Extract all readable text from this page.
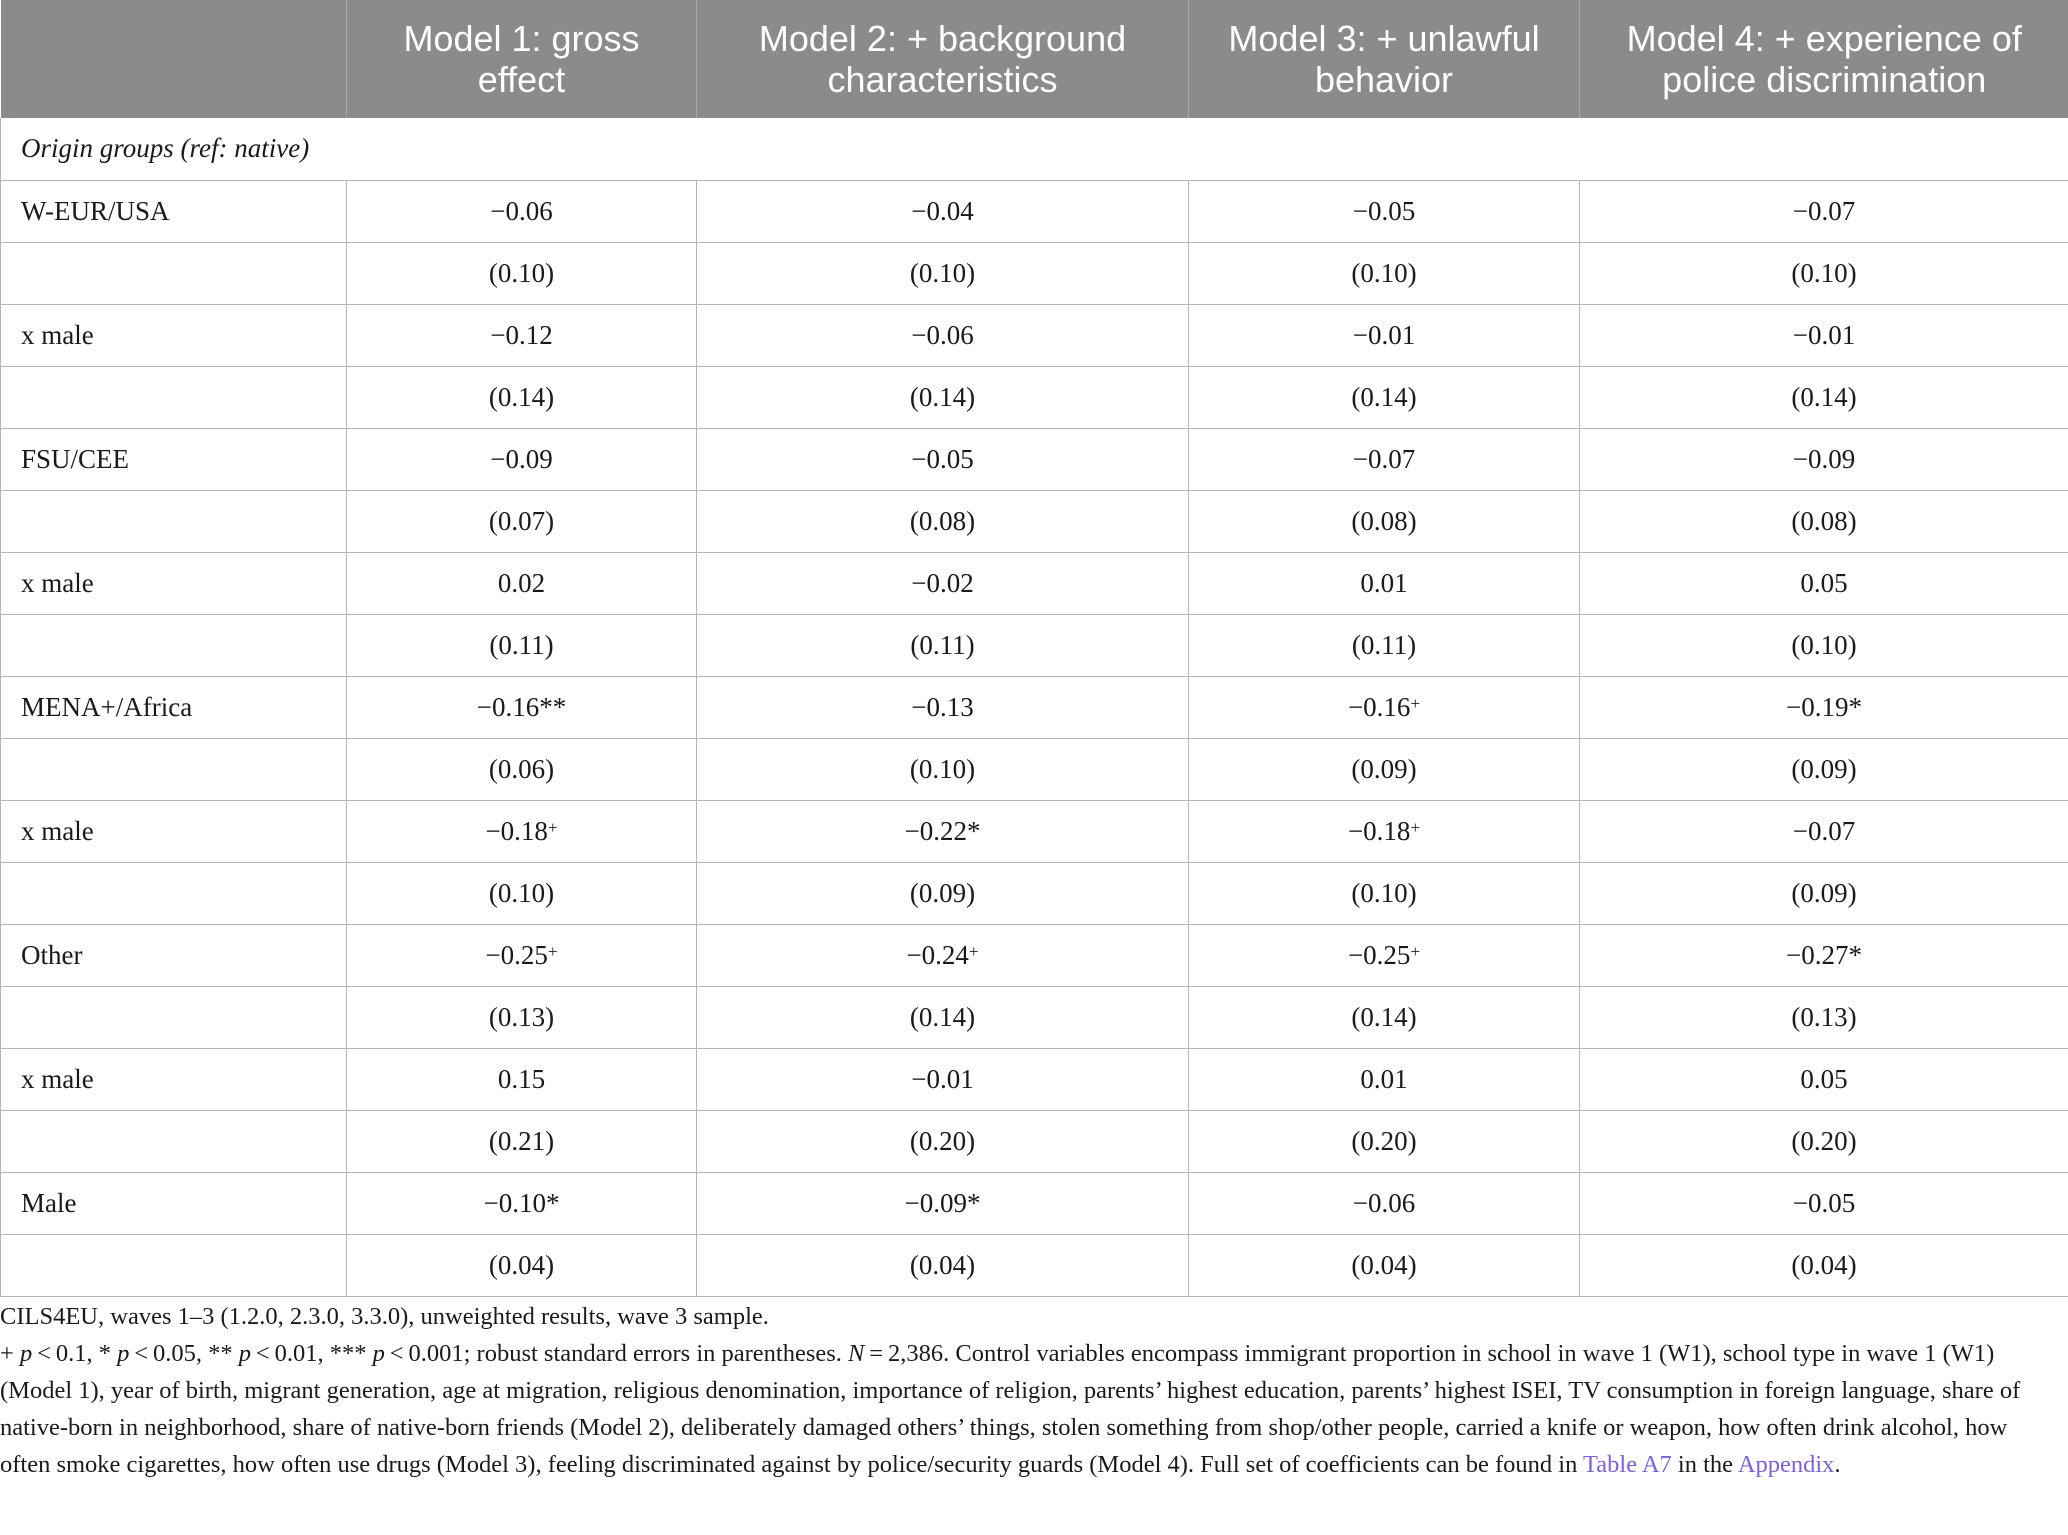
	Model 1: gross effect	Model 2: + background characteristics	Model 3: + unlawful behavior	Model 4: + experience of police discrimination
Origin groups (ref: native)				
W-EUR/USA	−0.06	−0.04	−0.05	−0.07
	(0.10)	(0.10)	(0.10)	(0.10)
x male	−0.12	−0.06	−0.01	−0.01
	(0.14)	(0.14)	(0.14)	(0.14)
FSU/CEE	−0.09	−0.05	−0.07	−0.09
	(0.07)	(0.08)	(0.08)	(0.08)
x male	0.02	−0.02	0.01	0.05
	(0.11)	(0.11)	(0.11)	(0.10)
MENA+/Africa	−0.16**	−0.13	−0.16+	−0.19*
	(0.06)	(0.10)	(0.09)	(0.09)
x male	−0.18+	−0.22*	−0.18+	−0.07
	(0.10)	(0.09)	(0.10)	(0.09)
Other	−0.25+	−0.24+	−0.25+	−0.27*
	(0.13)	(0.14)	(0.14)	(0.13)
x male	0.15	−0.01	0.01	0.05
	(0.21)	(0.20)	(0.20)	(0.20)
Male	−0.10*	−0.09*	−0.06	−0.05
	(0.04)	(0.04)	(0.04)	(0.04)

CILS4EU, waves 1–3 (1.2.0, 2.3.0, 3.3.0), unweighted results, wave 3 sample.

+ p < 0.1, * p < 0.05, ** p < 0.01, *** p < 0.001; robust standard errors in parentheses. N = 2,386. Control variables encompass immigrant proportion in school in wave 1 (W1), school type in wave 1 (W1) (Model 1), year of birth, migrant generation, age at migration, religious denomination, importance of religion, parents’ highest education, parents’ highest ISEI, TV consumption in foreign language, share of native-born in neighborhood, share of native-born friends (Model 2), deliberately damaged others’ things, stolen something from shop/other people, carried a knife or weapon, how often drink alcohol, how often smoke cigarettes, how often use drugs (Model 3), feeling discriminated against by police/security guards (Model 4). Full set of coefficients can be found in Table A7 in the Appendix.
